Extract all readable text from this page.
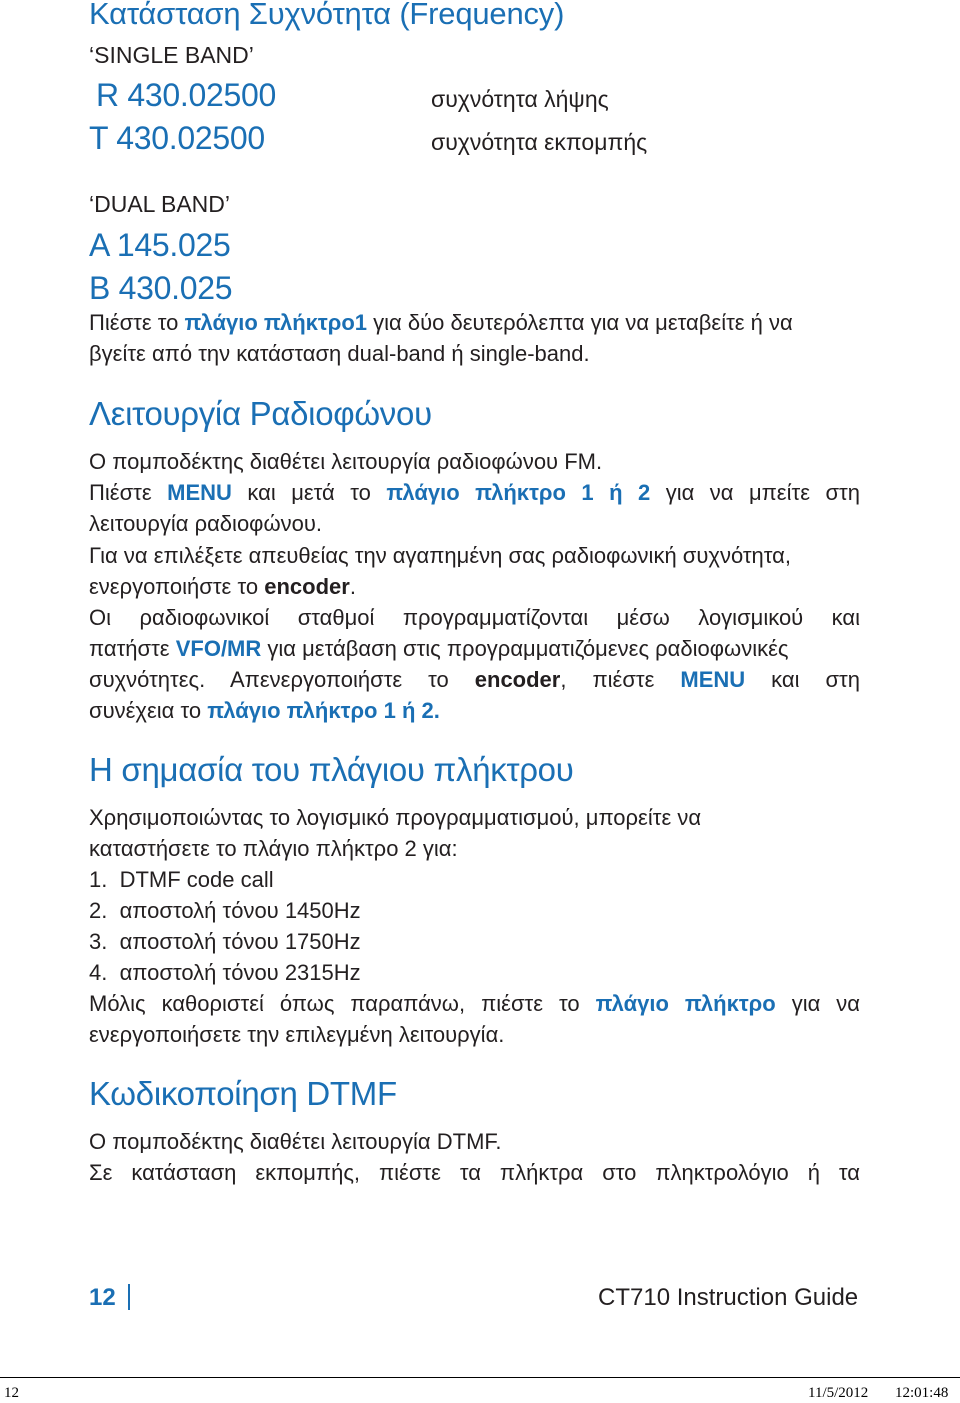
Κατάσταση Συχνότητα (Frequency)
‘SINGLE BAND’
R 430.02500	συχνότητα λήψης
T 430.02500	συχνότητα εκπομπής
‘DUAL BAND’
A 145.025
B 430.025
Πιέστε το πλάγιο πλήκτρο1 για δύο δευτερόλεπτα για να μεταβείτε ή να
βγείτε από την κατάσταση dual-band ή single-band.
Λειτουργία Ραδιοφώνου
Ο πομποδέκτης διαθέτει λειτουργία ραδιοφώνου FM.
Πιέστε MENU και μετά το πλάγιο πλήκτρο 1 ή 2 για να μπείτε στη
λειτουργία ραδιοφώνου.
Για να επιλέξετε απευθείας την αγαπημένη σας ραδιοφωνική συχνότητα,
ενεργοποιήστε το encoder.
Οι ραδιοφωνικοί σταθμοί προγραμματίζονται μέσω λογισμικού και
πατήστε VFO/MR για μετάβαση στις προγραμματιζόμενες ραδιοφωνικές
συχνότητες. Απενεργοποιήστε το encoder, πιέστε MENU και στη
συνέχεια το πλάγιο πλήκτρο 1 ή 2.
Η σημασία του πλάγιου πλήκτρου
Χρησιμοποιώντας το λογισμικό προγραμματισμού, μπορείτε να
καταστήσετε το πλάγιο πλήκτρο 2 για:
1.  DTMF code call
2.  αποστολή τόνου 1450Hz
3.  αποστολή τόνου 1750Hz
4.  αποστολή τόνου 2315Hz
Μόλις καθοριστεί όπως παραπάνω, πιέστε το πλάγιο πλήκτρο για να
ενεργοποιήσετε την επιλεγμένη λειτουργία.
Κωδικοποίηση DTMF
Ο πομποδέκτης διαθέτει λειτουργία DTMF.
Σε κατάσταση εκπομπής, πιέστε τα πλήκτρα στο πληκτρολόγιο ή τα
12	CT710 Instruction Guide
12	11/5/2012 12:01:48
